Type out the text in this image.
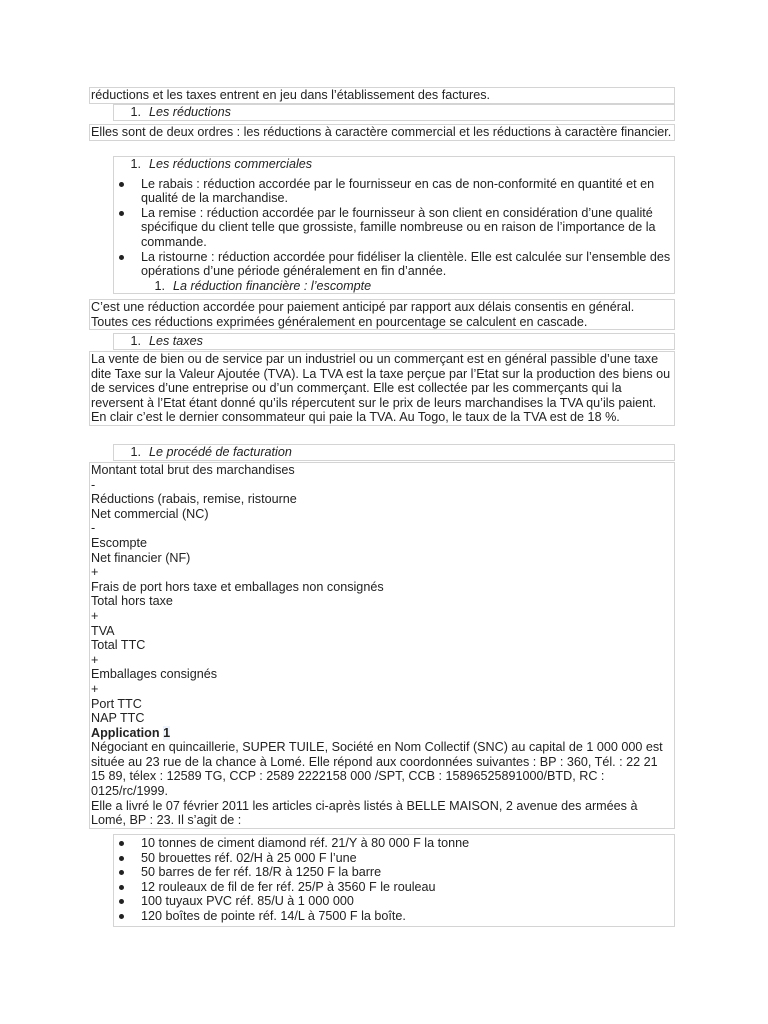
réductions et les taxes entrent en jeu dans l’établissement des factures.
1. Les réductions
Elles sont de deux ordres : les réductions à caractère commercial et les réductions à caractère financier.
1. Les réductions commerciales
Le rabais : réduction accordée par le fournisseur en cas de non-conformité en quantité et en qualité de la marchandise.
La remise : réduction accordée par le fournisseur à son client en considération d’une qualité spécifique du client telle que grossiste, famille nombreuse ou en raison de l’importance de la commande.
La ristourne : réduction accordée pour fidéliser la clientèle. Elle est calculée sur l’ensemble des opérations d’une période généralement en fin d’année.
1. La réduction financière : l’escompte
C’est une réduction accordée pour paiement anticipé par rapport aux délais consentis en général. Toutes ces réductions exprimées généralement en pourcentage se calculent en cascade.
1. Les taxes
La vente de bien ou de service par un industriel ou un commerçant est en général passible d’une taxe dite Taxe sur la Valeur Ajoutée (TVA). La TVA est la taxe perçue par l’Etat sur la production des biens ou de services d’une entreprise ou d’un commerçant. Elle est collectée par les commerçants qui la reversent à l’Etat étant donné qu’ils répercutent sur le prix de leurs marchandises la TVA qu’ils paient. En clair c’est le dernier consommateur qui paie la TVA. Au Togo, le taux de la TVA est de 18 %.
1. Le procédé de facturation
Montant total brut des marchandises
-
Réductions (rabais, remise, ristourne
Net commercial (NC)
-
Escompte
Net financier (NF)
+
Frais de port hors taxe et emballages non consignés
Total hors taxe
+
TVA
Total TTC
+
Emballages consignés
+
Port TTC
NAP TTC
Application 1
Négociant en quincaillerie, SUPER TUILE, Société en Nom Collectif (SNC) au capital de 1 000 000 est située au 23 rue de la chance à Lomé. Elle répond aux coordonnées suivantes : BP : 360, Tél. : 22 21 15 89, télex : 12589 TG, CCP : 2589 2222158 000 /SPT, CCB : 15896525891000/BTD, RC : 0125/rc/1999.
Elle a livré le 07 février 2011 les articles ci-après listés à BELLE MAISON, 2 avenue des armées à Lomé, BP : 23. Il s’agit de :
10 tonnes de ciment diamond réf. 21/Y à 80 000 F la tonne
50 brouettes réf. 02/H à 25 000 F l’une
50 barres de fer réf. 18/R à 1250 F la barre
12 rouleaux de fil de fer réf. 25/P à 3560 F le rouleau
100 tuyaux PVC réf. 85/U à 1 000 000
120 boîtes de pointe réf. 14/L à 7500 F la boîte.
